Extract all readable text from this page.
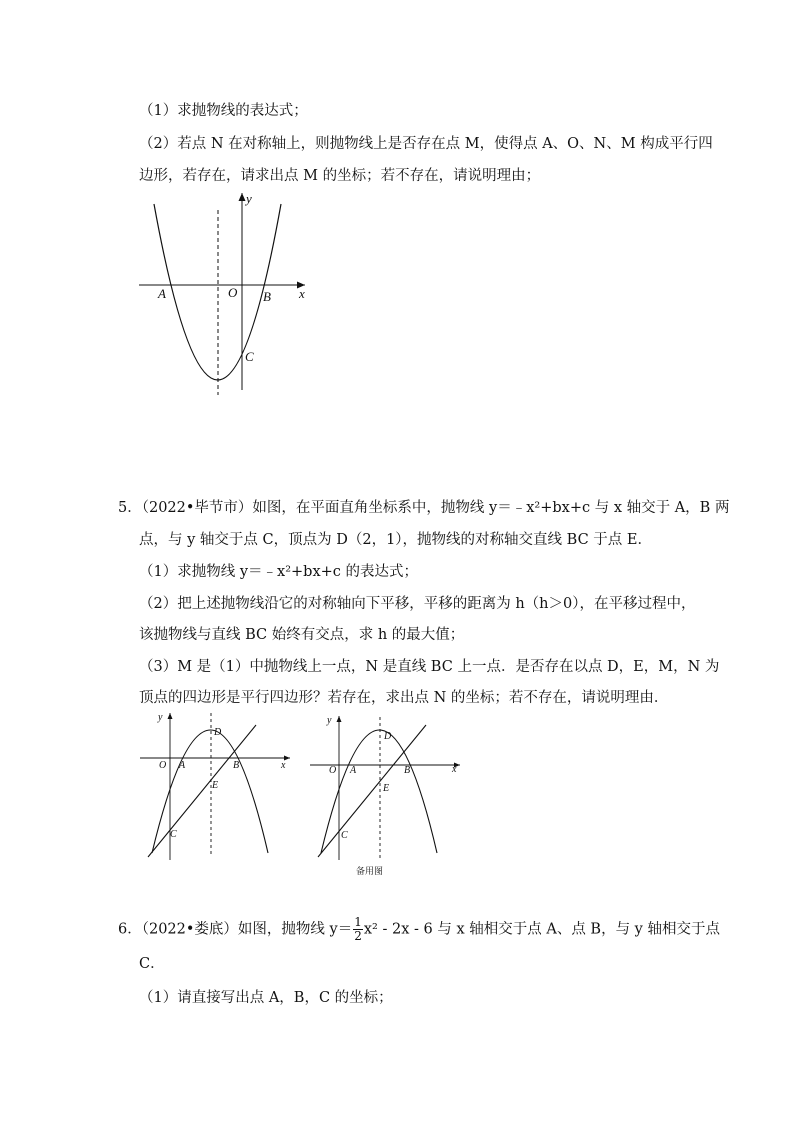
（1）求抛物线的表达式；
（2）若点 N 在对称轴上，则抛物线上是否存在点 M，使得点 A、O、N、M 构成平行四
边形，若存在，请求出点 M 的坐标；若不存在，请说明理由；
y
x
O
A	B
C
5．（2022•毕节市）如图，在平面直角坐标系中，抛物线 y＝﹣x²+bx+c 与 x 轴交于 A，B 两
点，与 y 轴交于点 C，顶点为 D（2，1），抛物线的对称轴交直线 BC 于点 E．
（1）求抛物线 y＝﹣x²+bx+c 的表达式；
（2）把上述抛物线沿它的对称轴向下平移，平移的距离为 h（h＞0），在平移过程中，
该抛物线与直线 BC 始终有交点，求 h 的最大值；
（3）M 是（1）中抛物线上一点，N 是直线 BC 上一点．是否存在以点 D，E，M，N 为
顶点的四边形是平行四边形？若存在，求出点 N 的坐标；若不存在，请说明理由．
y
x
O A	B
D
E
C
y
x
O A	B
D
E
C
备用图
6．（2022•娄底）如图，抛物线 $y= \frac{1}{2} x^2 - 2x - 6$ 与 x 轴相交于点 A、点 B，与 y 轴相交于点
C．
（1）请直接写出点 A，B，C 的坐标；
